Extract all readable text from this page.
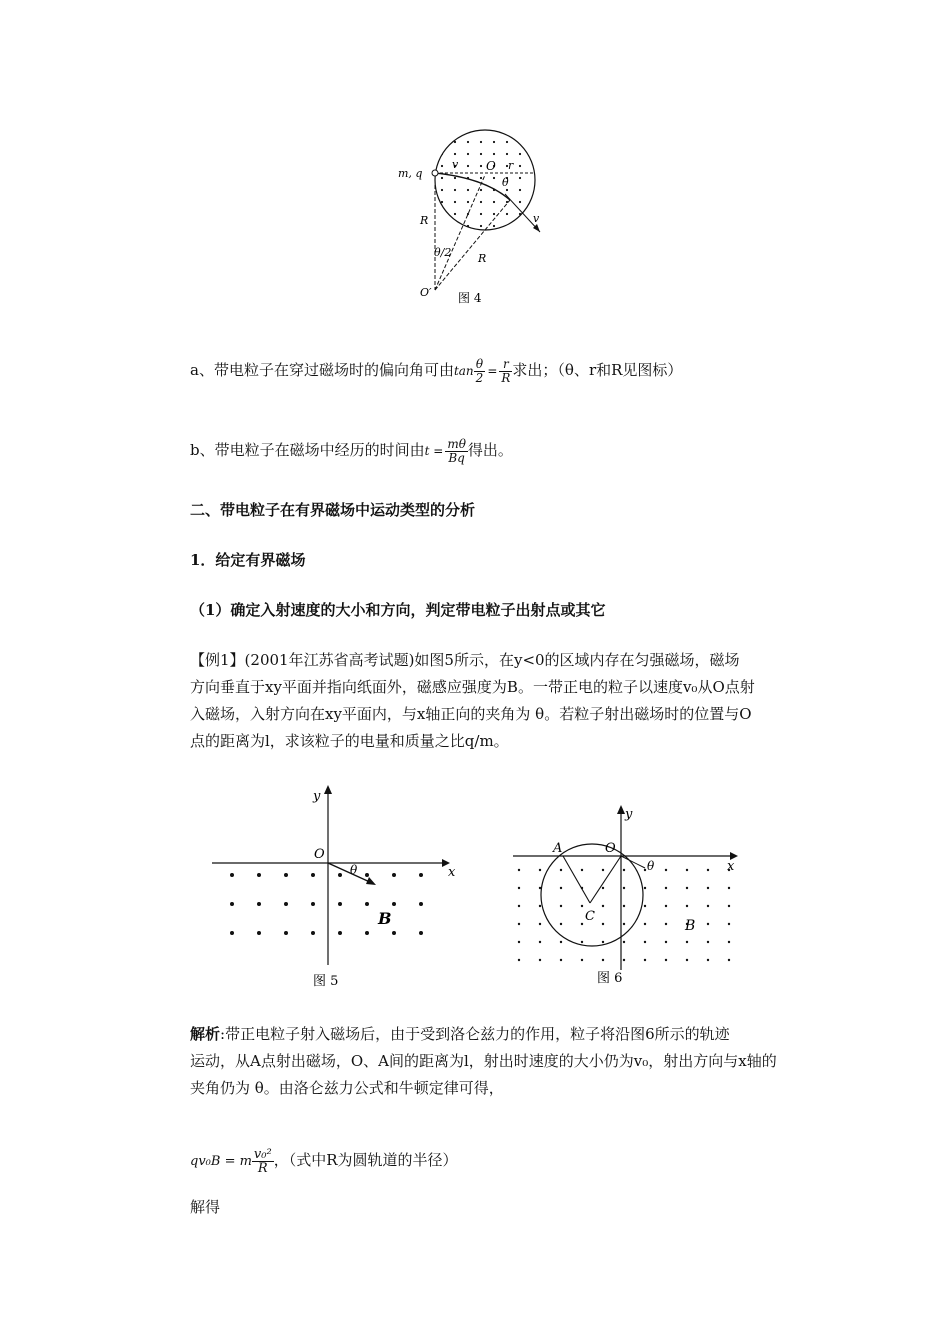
m, q
v O r
θ
v
R
θ/2 R
O′ 图 4
a、带电粒子在穿过磁场时的偏向角可由$\tan \frac{\theta}{2} = \frac{r}{R}$ 求出；（θ、r和R见图标）
b、带电粒子在磁场中经历的时间由$t = \frac{m\theta}{Bq}$ 得出。
二、带电粒子在有界磁场中运动类型的分析
1．给定有界磁场
（1）确定入射速度的大小和方向，判定带电粒子出射点或其它
【例1】(2001年江苏省高考试题)如图5所示，在y<0的区域内存在匀强磁场，磁场
方向垂直于xy平面并指向纸面外，磁感应强度为B。一带正电的粒子以速度v₀从O点射
入磁场，入射方向在xy平面内，与x轴正向的夹角为 θ。若粒子射出磁场时的位置与O
点的距离为l，求该粒子的电量和质量之比q/m。
y
O
x
θ
B
图 5
y
A	O
x
θ
C
B
图 6
解析:带正电粒子射入磁场后，由于受到洛仑兹力的作用，粒子将沿图6所示的轨迹
运动，从A点射出磁场，O、A间的距离为l，射出时速度的大小仍为v₀，射出方向与x轴的
夹角仍为 θ。由洛仑兹力公式和牛顿定律可得，
qv₀B = m $\frac{\text{v₀²}}{R}$ ，（式中R为圆轨道的半径）
解得
